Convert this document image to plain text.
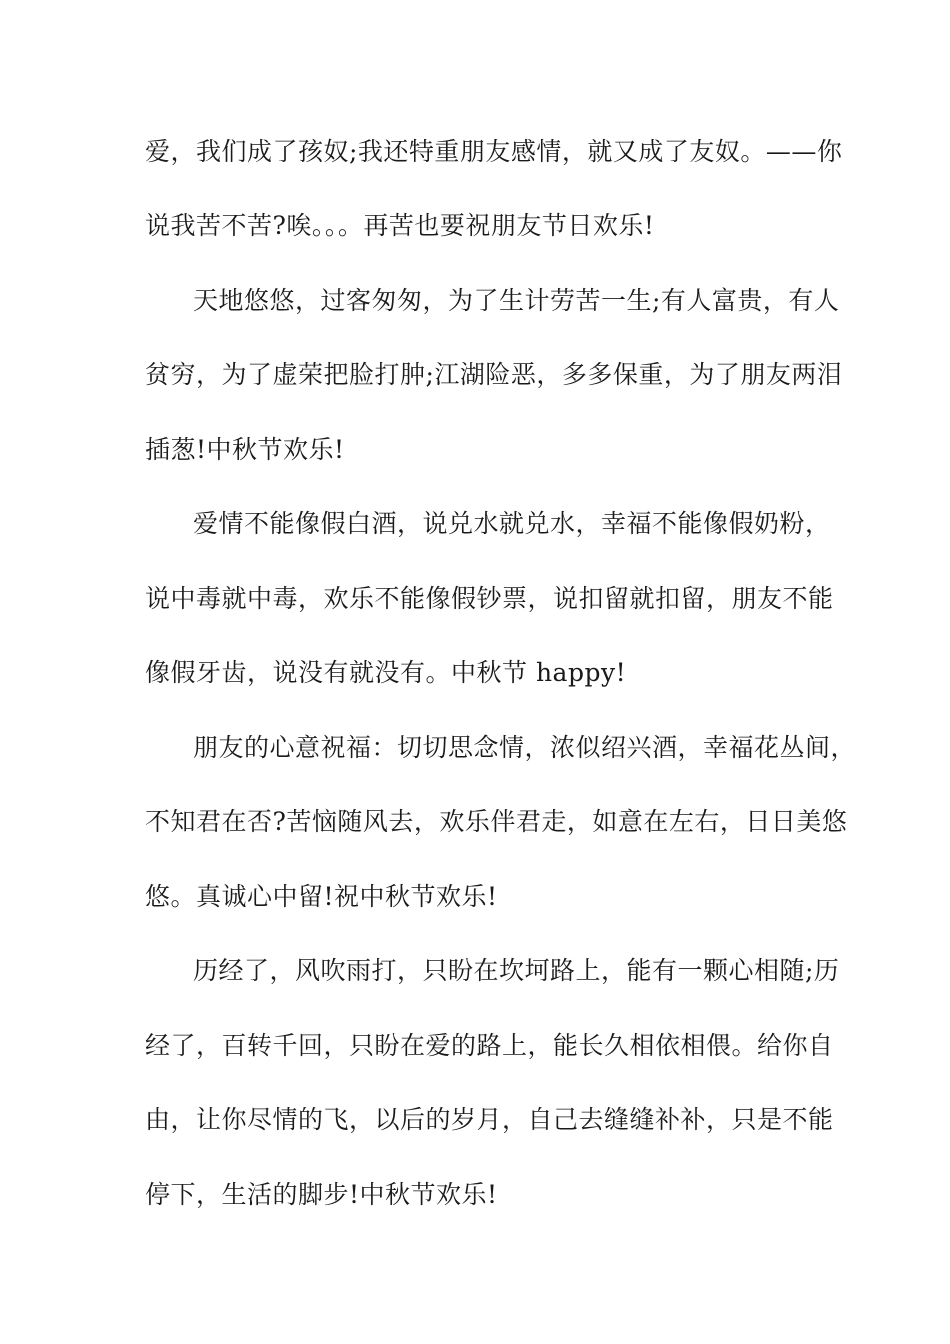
爱，我们成了孩奴;我还特重朋友感情，就又成了友奴。——你
说我苦不苦?唉。。。再苦也要祝朋友节日欢乐!
天地悠悠，过客匆匆，为了生计劳苦一生;有人富贵，有人
贫穷，为了虚荣把脸打肿;江湖险恶，多多保重，为了朋友两泪
插葱!中秋节欢乐!
爱情不能像假白酒，说兑水就兑水，幸福不能像假奶粉，
说中毒就中毒，欢乐不能像假钞票，说扣留就扣留，朋友不能
像假牙齿，说没有就没有。中秋节 happy!
朋友的心意祝福：切切思念情，浓似绍兴酒，幸福花丛间，
不知君在否?苦恼随风去，欢乐伴君走，如意在左右，日日美悠
悠。真诚心中留!祝中秋节欢乐!
历经了，风吹雨打，只盼在坎坷路上，能有一颗心相随;历
经了，百转千回，只盼在爱的路上，能长久相依相偎。给你自
由，让你尽情的飞，以后的岁月，自己去缝缝补补，只是不能
停下，生活的脚步!中秋节欢乐!
